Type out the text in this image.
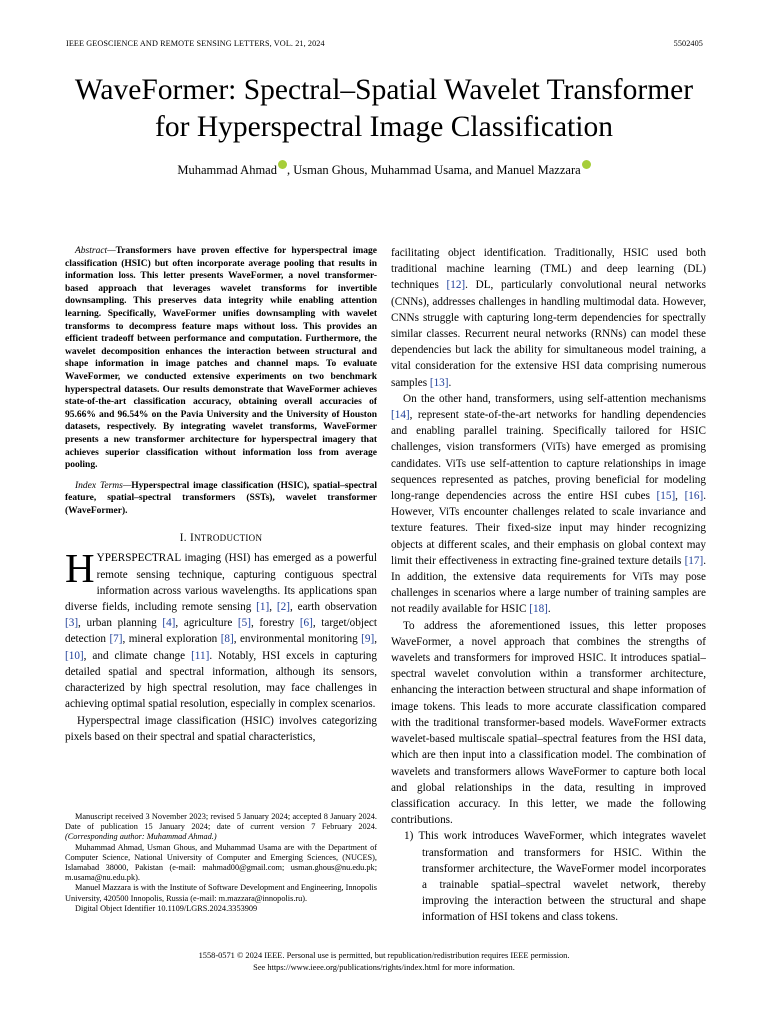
IEEE GEOSCIENCE AND REMOTE SENSING LETTERS, VOL. 21, 2024	5502405
WaveFormer: Spectral–Spatial Wavelet Transformer
for Hyperspectral Image Classification
Muhammad Ahmad , Usman Ghous, Muhammad Usama, and Manuel Mazzara

Abstract—Transformers have proven effective for hyperspectral image classification (HSIC) but often incorporate average pooling that results in information loss. This letter presents WaveFormer, a novel transformer-based approach that leverages wavelet transforms for invertible downsampling. This preserves data integrity while enabling attention learning. Specifically, WaveFormer unifies downsampling with wavelet transforms to decompress feature maps without loss. This provides an efficient tradeoff between performance and computation. Furthermore, the wavelet decomposition enhances the interaction between structural and shape information in image patches and channel maps. To evaluate WaveFormer, we conducted extensive experiments on two benchmark hyperspectral datasets. Our results demonstrate that WaveFormer achieves state-of-the-art classification accuracy, obtaining overall accuracies of 95.66% and 96.54% on the Pavia University and the University of Houston datasets, respectively. By integrating wavelet transforms, WaveFormer presents a new transformer architecture for hyperspectral imagery that achieves superior classification without information loss from average pooling.

Index Terms—Hyperspectral image classification (HSIC), spatial–spectral feature, spatial–spectral transformers (SSTs), wavelet transformer (WaveFormer).

I. INTRODUCTION

HYPERSPECTRAL imaging (HSI) has emerged as a powerful remote sensing technique, capturing contiguous spectral information across various wavelengths. Its applications span diverse fields, including remote sensing [1], [2], earth observation [3], urban planning [4], agriculture [5], forestry [6], target/object detection [7], mineral exploration [8], environmental monitoring [9], [10], and climate change [11]. Notably, HSI excels in capturing detailed spatial and spectral information, although its sensors, characterized by high spectral resolution, may face challenges in achieving optimal spatial resolution, especially in complex scenarios.

Hyperspectral image classification (HSIC) involves categorizing pixels based on their spectral and spatial characteristics,

Manuscript received 3 November 2023; revised 5 January 2024; accepted 8 January 2024. Date of publication 15 January 2024; date of current version 7 February 2024. (Corresponding author: Muhammad Ahmad.)

Muhammad Ahmad, Usman Ghous, and Muhammad Usama are with the Department of Computer Science, National University of Computer and Emerging Sciences, (NUCES), Islamabad 38000, Pakistan (e-mail: mahmad00@gmail.com; usman.ghous@nu.edu.pk; m.usama@nu.edu.pk).

Manuel Mazzara is with the Institute of Software Development and Engineering, Innopolis University, 420500 Innopolis, Russia (e-mail: m.mazzara@innopolis.ru).

Digital Object Identifier 10.1109/LGRS.2024.3353909

facilitating object identification. Traditionally, HSIC used both traditional machine learning (TML) and deep learning (DL) techniques [12]. DL, particularly convolutional neural networks (CNNs), addresses challenges in handling multimodal data. However, CNNs struggle with capturing long-term dependencies for spectrally similar classes. Recurrent neural networks (RNNs) can model these dependencies but lack the ability for simultaneous model training, a vital consideration for the extensive HSI data comprising numerous samples [13].

On the other hand, transformers, using self-attention mechanisms [14], represent state-of-the-art networks for handling dependencies and enabling parallel training. Specifically tailored for HSIC challenges, vision transformers (ViTs) have emerged as promising candidates. ViTs use self-attention to capture relationships in image sequences represented as patches, proving beneficial for modeling long-range dependencies across the entire HSI cubes [15], [16]. However, ViTs encounter challenges related to scale invariance and texture features. Their fixed-size input may hinder recognizing objects at different scales, and their emphasis on global context may limit their effectiveness in extracting fine-grained texture details [17]. In addition, the extensive data requirements for ViTs may pose challenges in scenarios where a large number of training samples are not readily available for HSIC [18].

To address the aforementioned issues, this letter proposes WaveFormer, a novel approach that combines the strengths of wavelets and transformers for improved HSIC. It introduces spatial–spectral wavelet convolution within a transformer architecture, enhancing the interaction between structural and shape information of image tokens. This leads to more accurate classification compared with the traditional transformer-based models. WaveFormer extracts wavelet-based multiscale spatial–spectral features from the HSI data, which are then input into a classification model. The combination of wavelets and transformers allows WaveFormer to capture both local and global relationships in the data, resulting in improved classification accuracy. In this letter, we made the following contributions.

1) This work introduces WaveFormer, which integrates wavelet transformation and transformers for HSIC. Within the transformer architecture, the WaveFormer model incorporates a trainable spatial–spectral wavelet network, thereby improving the interaction between the structural and shape information of HSI tokens and class tokens.
1558-0571 © 2024 IEEE. Personal use is permitted, but republication/redistribution requires IEEE permission.
See https://www.ieee.org/publications/rights/index.html for more information.
